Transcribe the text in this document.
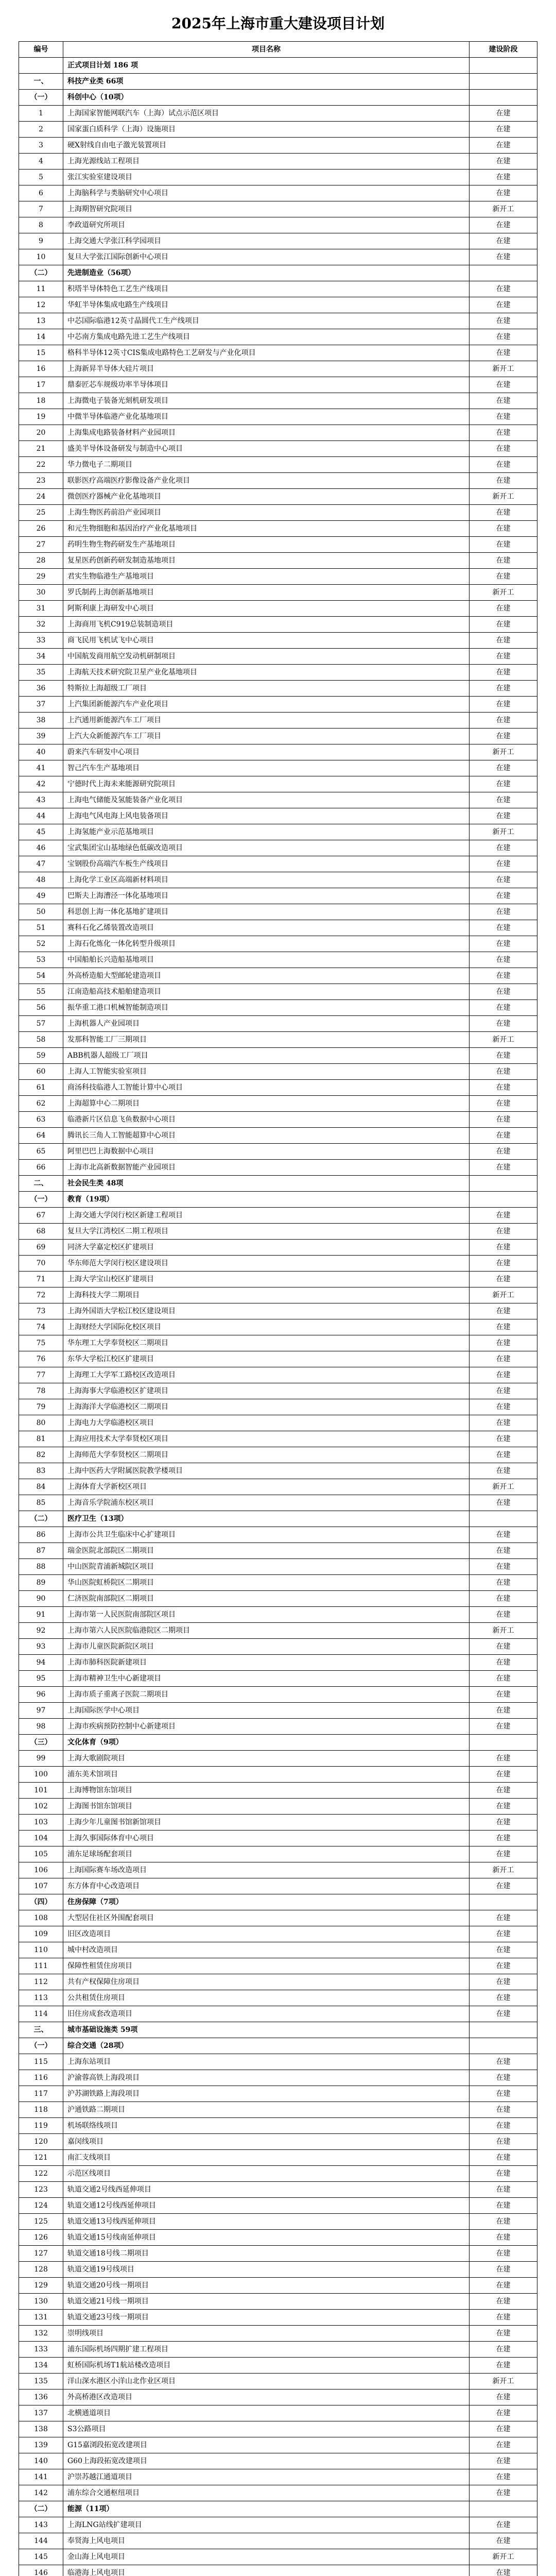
2025年上海市重大建设项目计划
编号	项目名称	建设阶段
	正式项目计划 186 项	
一、	科技产业类 66项	
（一）	科创中心（10项）	
1	上海国家智能网联汽车（上海）试点示范区项目	在建
2	国家蛋白质科学（上海）设施项目	在建
3	硬X射线自由电子激光装置项目	在建
4	上海光源线站工程项目	在建
5	张江实验室建设项目	在建
6	上海脑科学与类脑研究中心项目	在建
7	上海期智研究院项目	新开工
8	李政道研究所项目	在建
9	上海交通大学张江科学园项目	在建
10	复旦大学张江国际创新中心项目	在建
（二）	先进制造业（56项）	
11	积塔半导体特色工艺生产线项目	在建
12	华虹半导体集成电路生产线项目	在建
13	中芯国际临港12英寸晶圆代工生产线项目	在建
14	中芯南方集成电路先进工艺生产线项目	在建
15	格科半导体12英寸CIS集成电路特色工艺研发与产业化项目	在建
16	上海新昇半导体大硅片项目	新开工
17	鼎泰匠芯车规级功率半导体项目	在建
18	上海微电子装备光刻机研发项目	在建
19	中微半导体临港产业化基地项目	在建
20	上海集成电路装备材料产业园项目	在建
21	盛美半导体设备研发与制造中心项目	在建
22	华力微电子二期项目	在建
23	联影医疗高端医疗影像设备产业化项目	在建
24	微创医疗器械产业化基地项目	新开工
25	上海生物医药前沿产业园项目	在建
26	和元生物细胞和基因治疗产业化基地项目	在建
27	药明生物生物药研发生产基地项目	在建
28	复星医药创新药研发制造基地项目	在建
29	君实生物临港生产基地项目	在建
30	罗氏制药上海创新基地项目	新开工
31	阿斯利康上海研发中心项目	在建
32	上海商用飞机C919总装制造项目	在建
33	商飞民用飞机试飞中心项目	在建
34	中国航发商用航空发动机研制项目	在建
35	上海航天技术研究院卫星产业化基地项目	在建
36	特斯拉上海超级工厂项目	在建
37	上汽集团新能源汽车产业化项目	在建
38	上汽通用新能源汽车工厂项目	在建
39	上汽大众新能源汽车工厂项目	在建
40	蔚来汽车研发中心项目	新开工
41	智己汽车生产基地项目	在建
42	宁德时代上海未来能源研究院项目	在建
43	上海电气储能及氢能装备产业化项目	在建
44	上海电气风电海上风电装备项目	在建
45	上海氢能产业示范基地项目	新开工
46	宝武集团宝山基地绿色低碳改造项目	在建
47	宝钢股份高端汽车板生产线项目	在建
48	上海化学工业区高端新材料项目	在建
49	巴斯夫上海漕泾一体化基地项目	在建
50	科思创上海一体化基地扩建项目	在建
51	赛科石化乙烯装置改造项目	在建
52	上海石化炼化一体化转型升级项目	在建
53	中国船舶长兴造船基地项目	在建
54	外高桥造船大型邮轮建造项目	在建
55	江南造船高技术船舶建造项目	在建
56	振华重工港口机械智能制造项目	在建
57	上海机器人产业园项目	在建
58	发那科智能工厂三期项目	新开工
59	ABB机器人超级工厂项目	在建
60	上海人工智能实验室项目	在建
61	商汤科技临港人工智能计算中心项目	在建
62	上海超算中心二期项目	在建
63	临港新片区信息飞鱼数据中心项目	在建
64	腾讯长三角人工智能超算中心项目	在建
65	阿里巴巴上海数据中心项目	在建
66	上海市北高新数据智能产业园项目	在建
二、	社会民生类 48项	
（一）	教育（19项）	
67	上海交通大学闵行校区新建工程项目	在建
68	复旦大学江湾校区二期工程项目	在建
69	同济大学嘉定校区扩建项目	在建
70	华东师范大学闵行校区建设项目	在建
71	上海大学宝山校区扩建项目	在建
72	上海科技大学二期项目	新开工
73	上海外国语大学松江校区建设项目	在建
74	上海财经大学国际化校区项目	在建
75	华东理工大学奉贤校区二期项目	在建
76	东华大学松江校区扩建项目	在建
77	上海理工大学军工路校区改造项目	在建
78	上海海事大学临港校区扩建项目	在建
79	上海海洋大学临港校区二期项目	在建
80	上海电力大学临港校区项目	在建
81	上海应用技术大学奉贤校区项目	在建
82	上海师范大学奉贤校区二期项目	在建
83	上海中医药大学附属医院教学楼项目	在建
84	上海体育大学新校区项目	新开工
85	上海音乐学院浦东校区项目	在建
（二）	医疗卫生（13项）	
86	上海市公共卫生临床中心扩建项目	在建
87	瑞金医院北部院区二期项目	在建
88	中山医院青浦新城院区项目	在建
89	华山医院虹桥院区二期项目	在建
90	仁济医院南部院区二期项目	在建
91	上海市第一人民医院南部院区项目	在建
92	上海市第六人民医院临港院区二期项目	新开工
93	上海市儿童医院新院区项目	在建
94	上海市肺科医院新建项目	在建
95	上海市精神卫生中心新建项目	在建
96	上海市质子重离子医院二期项目	在建
97	上海国际医学中心项目	在建
98	上海市疾病预防控制中心新建项目	在建
（三）	文化体育（9项）	
99	上海大歌剧院项目	在建
100	浦东美术馆项目	在建
101	上海博物馆东馆项目	在建
102	上海图书馆东馆项目	在建
103	上海少年儿童图书馆新馆项目	在建
104	上海久事国际体育中心项目	在建
105	浦东足球场配套项目	在建
106	上海国际赛车场改造项目	新开工
107	东方体育中心改造项目	在建
（四）	住房保障（7项）	
108	大型居住社区外围配套项目	在建
109	旧区改造项目	在建
110	城中村改造项目	在建
111	保障性租赁住房项目	在建
112	共有产权保障住房项目	在建
113	公共租赁住房项目	在建
114	旧住房成套改造项目	在建
三、	城市基础设施类 59项	
（一）	综合交通（28项）	
115	上海东站项目	在建
116	沪渝蓉高铁上海段项目	在建
117	沪苏湖铁路上海段项目	在建
118	沪通铁路二期项目	在建
119	机场联络线项目	在建
120	嘉闵线项目	在建
121	南汇支线项目	在建
122	示范区线项目	在建
123	轨道交通2号线西延伸项目	在建
124	轨道交通12号线西延伸项目	在建
125	轨道交通13号线西延伸项目	在建
126	轨道交通15号线南延伸项目	在建
127	轨道交通18号线二期项目	在建
128	轨道交通19号线项目	在建
129	轨道交通20号线一期项目	在建
130	轨道交通21号线一期项目	在建
131	轨道交通23号线一期项目	在建
132	崇明线项目	在建
133	浦东国际机场四期扩建工程项目	在建
134	虹桥国际机场T1航站楼改造项目	在建
135	洋山深水港区小洋山北作业区项目	新开工
136	外高桥港区改造项目	在建
137	北横通道项目	在建
138	S3公路项目	在建
139	G15嘉浏段拓宽改建项目	在建
140	G60上海段拓宽改建项目	在建
141	沪崇苏越江通道项目	在建
142	浦东综合交通枢纽项目	在建
（二）	能源（11项）	
143	上海LNG站线扩建项目	在建
144	奉贤海上风电项目	在建
145	金山海上风电项目	新开工
146	临港海上风电项目	在建
